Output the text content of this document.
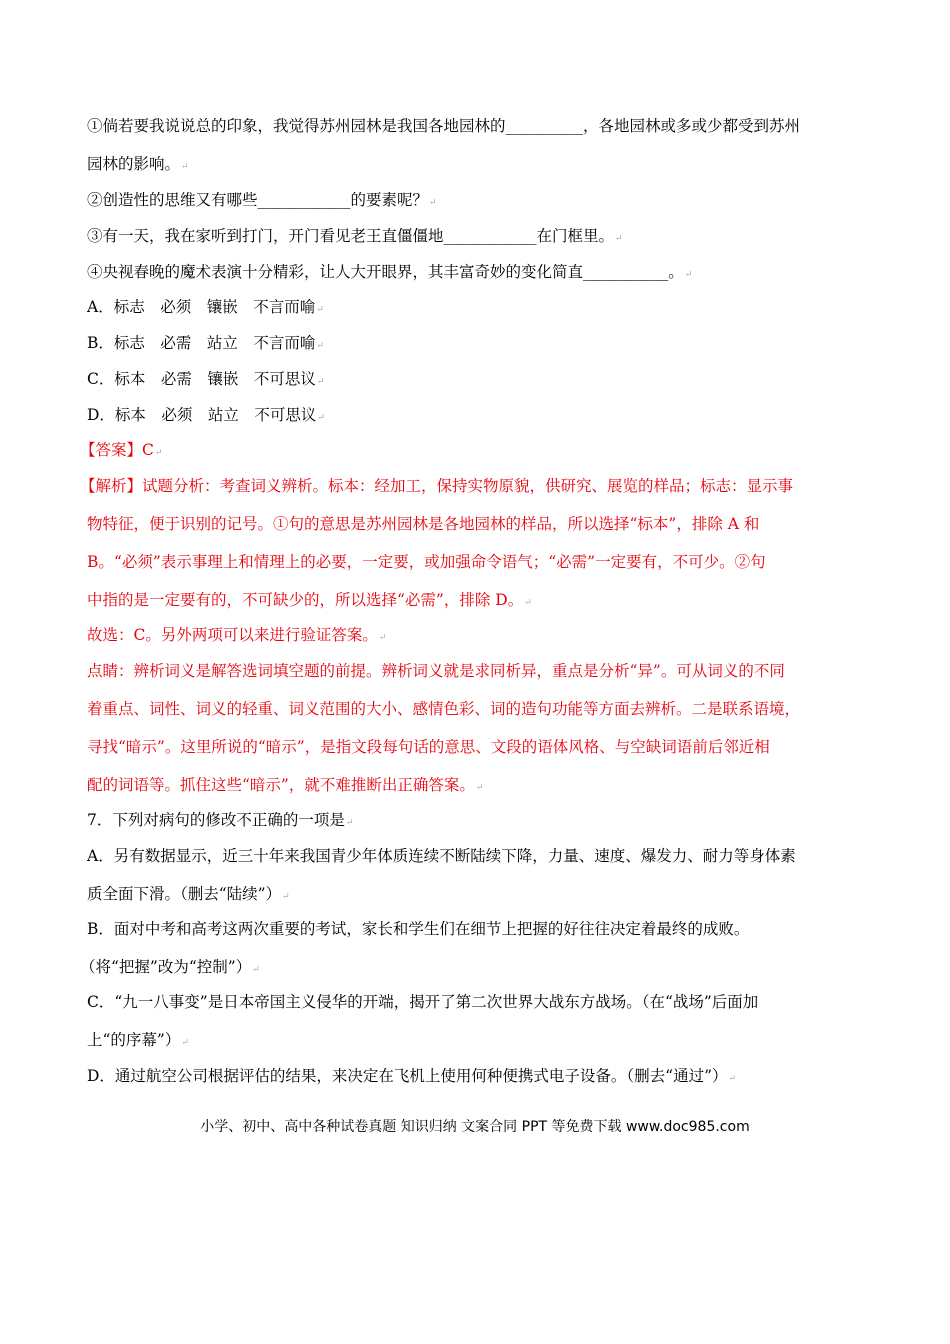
①倘若要我说说总的印象，我觉得苏州园林是我国各地园林的__________，各地园林或多或少都受到苏州
园林的影响。↵
②创造性的思维又有哪些____________的要素呢？↵
③有一天，我在家听到打门，开门看见老王直僵僵地____________在门框里。↵
④央视春晚的魔术表演十分精彩，让人大开眼界，其丰富奇妙的变化简直___________。↵
A．标志　必须　镶嵌　不言而喻↵
B．标志　必需　站立　不言而喻↵
C．标本　必需　镶嵌　不可思议↵
D．标本　必须　站立　不可思议↵
【答案】C↵
【解析】试题分析：考查词义辨析。标本：经加工，保持实物原貌，供研究、展览的样品；标志：显示事
物特征，便于识别的记号。①句的意思是苏州园林是各地园林的样品，所以选择“标本”，排除 A 和
B。“必须”表示事理上和情理上的必要，一定要，或加强命令语气；“必需”一定要有，不可少。②句
中指的是一定要有的，不可缺少的，所以选择“必需”，排除 D。↵
故选：C。另外两项可以来进行验证答案。↵
点睛：辨析词义是解答选词填空题的前提。辨析词义就是求同析异，重点是分析“异”。可从词义的不同
着重点、词性、词义的轻重、词义范围的大小、感情色彩、词的造句功能等方面去辨析。二是联系语境，
寻找“暗示”。这里所说的“暗示”，是指文段每句话的意思、文段的语体风格、与空缺词语前后邻近相
配的词语等。抓住这些“暗示”，就不难推断出正确答案。↵
7．下列对病句的修改不正确的一项是↵
A．另有数据显示，近三十年来我国青少年体质连续不断陆续下降，力量、速度、爆发力、耐力等身体素
质全面下滑。（删去“陆续”）↵
B．面对中考和高考这两次重要的考试，家长和学生们在细节上把握的好往往决定着最终的成败。
（将“把握”改为“控制”）↵
C．“九一八事变”是日本帝国主义侵华的开端，揭开了第二次世界大战东方战场。（在“战场”后面加
上“的序幕”）↵
D．通过航空公司根据评估的结果，来决定在飞机上使用何种便携式电子设备。（删去“通过”）↵
小学、初中、高中各种试卷真题 知识归纳 文案合同 PPT 等免费下载 www.doc985.com
